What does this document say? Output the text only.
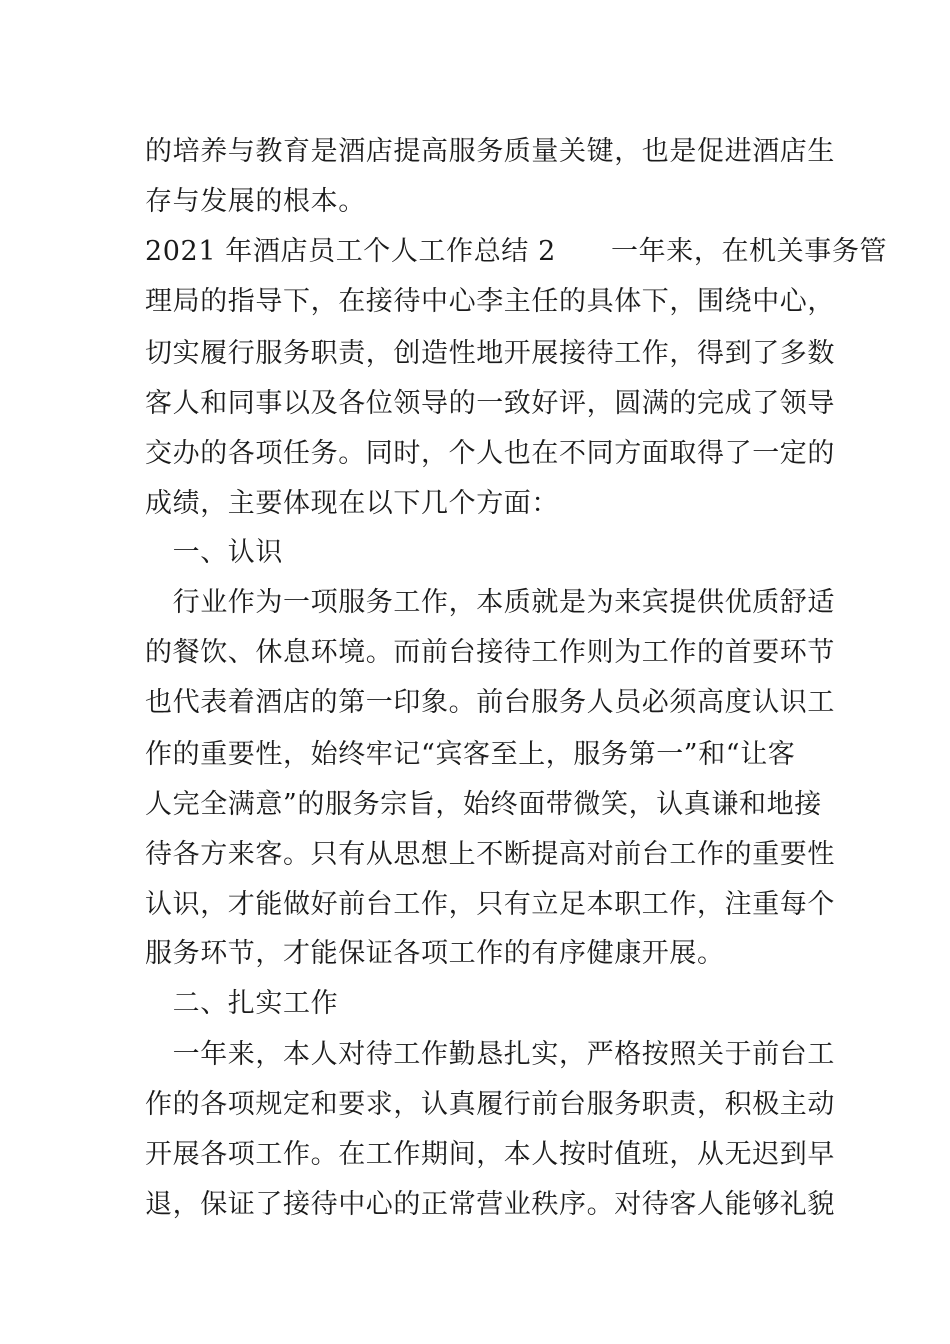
的培养与教育是酒店提高服务质量关键，也是促进酒店生
存与发展的根本。
2021 年酒店员工个人工作总结 2　　一年来，在机关事务管
理局的指导下，在接待中心李主任的具体下，围绕中心，
切实履行服务职责，创造性地开展接待工作，得到了多数
客人和同事以及各位领导的一致好评，圆满的完成了领导
交办的各项任务。同时，个人也在不同方面取得了一定的
成绩，主要体现在以下几个方面：
　一、认识
　行业作为一项服务工作，本质就是为来宾提供优质舒适
的餐饮、休息环境。而前台接待工作则为工作的首要环节
也代表着酒店的第一印象。前台服务人员必须高度认识工
作的重要性，始终牢记“宾客至上，服务第一”和“让客
人完全满意”的服务宗旨，始终面带微笑，认真谦和地接
待各方来客。只有从思想上不断提高对前台工作的重要性
认识，才能做好前台工作，只有立足本职工作，注重每个
服务环节，才能保证各项工作的有序健康开展。
　二、扎实工作
　一年来，本人对待工作勤恳扎实，严格按照关于前台工
作的各项规定和要求，认真履行前台服务职责，积极主动
开展各项工作。在工作期间，本人按时值班，从无迟到早
退，保证了接待中心的正常营业秩序。对待客人能够礼貌
